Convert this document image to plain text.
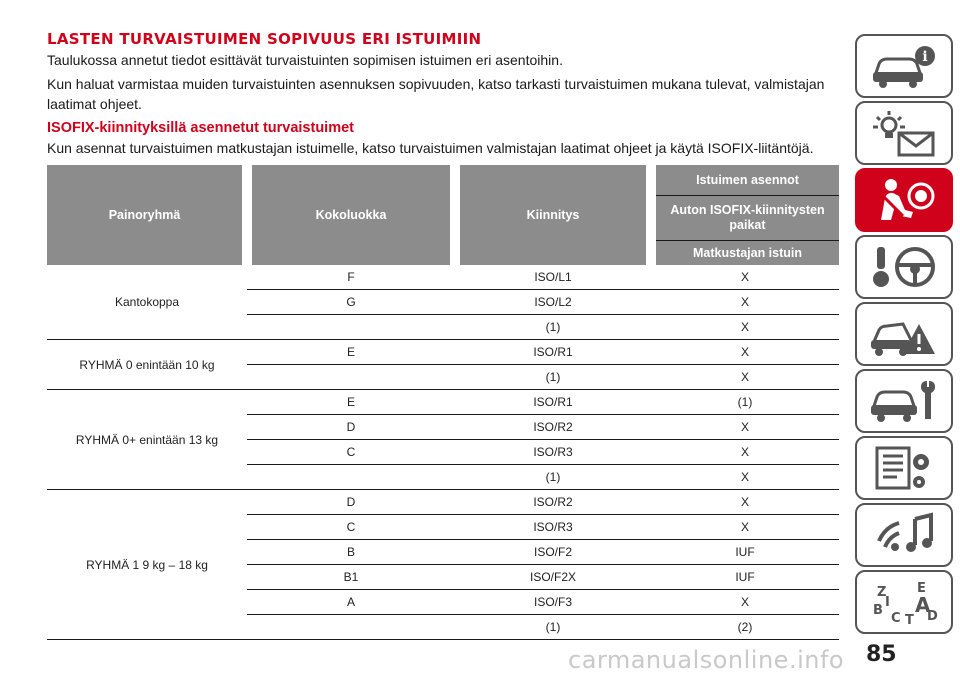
LASTEN TURVAISTUIMEN SOPIVUUS ERI ISTUIMIIN

Taulukossa annetut tiedot esittävät turvaistuinten sopimisen istuimen eri asentoihin.

Kun haluat varmistaa muiden turvaistuinten asennuksen sopivuuden, katso tarkasti turvaistuimen mukana tulevat, valmistajan laatimat ohjeet.

ISOFIX-kiinnityksillä asennetut turvaistuimet

Kun asennat turvaistuimen matkustajan istuimelle, katso turvaistuimen valmistajan laatimat ohjeet ja käytä ISOFIX-liitäntöjä.

Painoryhmä	Kokoluokka	Kiinnitys	Istuimen asennot
			Auton ISOFIX-kiinnitysten paikat
			Matkustajan istuin
Kantokoppa	F	ISO/L1	X
	G	ISO/L2	X
		(1)	X
RYHMÄ 0 enintään 10 kg	E	ISO/R1	X
		(1)	X
RYHMÄ 0+ enintään 13 kg	E	ISO/R1	(1)
	D	ISO/R2	X
	C	ISO/R3	X
		(1)	X
RYHMÄ 1 9 kg – 18 kg	D	ISO/R2	X
	C	ISO/R3	X
	B	ISO/F2	IUF
	B1	ISO/F2X	IUF
	A	ISO/F3	X
		(1)	(2)
i
Z E B A C DTI
carmanualsonline.info 85
